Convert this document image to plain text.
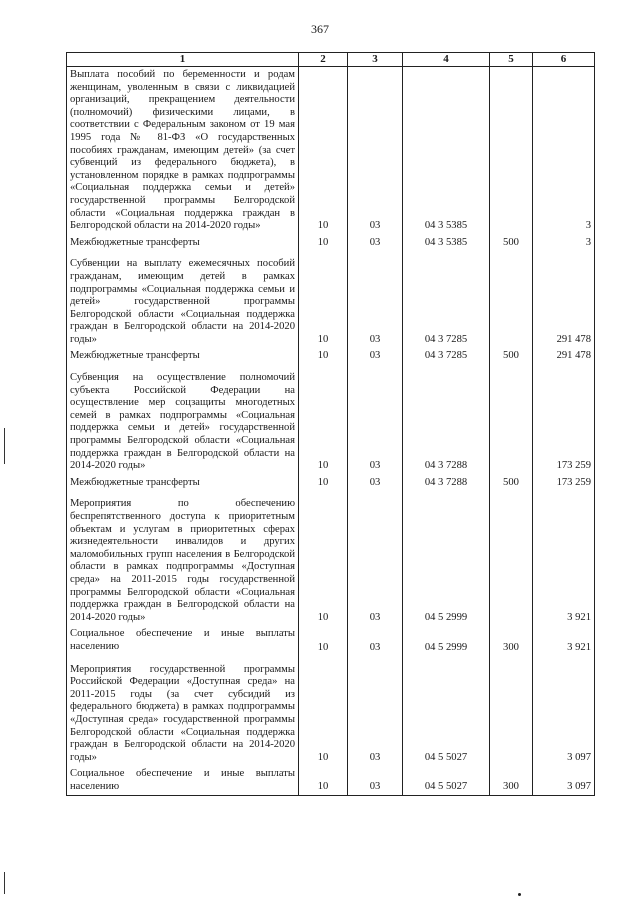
367
1	2	3	4	5	6

Выплата пособий по беременности и родам женщинам, уволенным в связи с ликвидацией организаций, прекращением деятельности (полномочий) физическими лицами, в соответствии с Федеральным законом от 19 мая 1995 года № 81-ФЗ «О государственных пособиях гражданам, имеющим детей» (за счет субвенций из федерального бюджета), в установленном порядке в рамках подпрограммы «Социальная поддержка семьи и детей» государственной программы Белгородской области «Социальная поддержка граждан в Белгородской области на 2014-2020 годы»	10	03	04 3 5385		3

Межбюджетные трансферты	10	03	04 3 5385	500	3

Субвенции на выплату ежемесячных пособий гражданам, имеющим детей в рамках подпрограммы «Социальная поддержка семьи и детей» государственной программы Белгородской области «Социальная поддержка граждан в Белгородской области на 2014-2020 годы»	10	03	04 3 7285		291 478

Межбюджетные трансферты	10	03	04 3 7285	500	291 478

Субвенция на осуществление полномочий субъекта Российской Федерации на осуществление мер соцзащиты многодетных семей в рамках подпрограммы «Социальная поддержка семьи и детей» государственной программы Белгородской области «Социальная поддержка граждан в Белгородской области на 2014-2020 годы»	10	03	04 3 7288		173 259

Межбюджетные трансферты	10	03	04 3 7288	500	173 259

Мероприятия по обеспечению беспрепятственного доступа к приоритетным объектам и услугам в приоритетных сферах жизнедеятельности инвалидов и других маломобильных групп населения в Белгородской области в рамках подпрограммы «Доступная среда» на 2011-2015 годы государственной программы Белгородской области «Социальная поддержка граждан в Белгородской области на 2014-2020 годы»	10	03	04 5 2999		3 921

Социальное обеспечение и иные выплаты населению	10	03	04 5 2999	300	3 921

Мероприятия государственной программы Российской Федерации «Доступная среда» на 2011-2015 годы (за счет субсидий из федерального бюджета) в рамках подпрограммы «Доступная среда» государственной программы Белгородской области «Социальная поддержка граждан в Белгородской области на 2014-2020 годы»	10	03	04 5 5027		3 097

Социальное обеспечение и иные выплаты населению	10	03	04 5 5027	300	3 097
